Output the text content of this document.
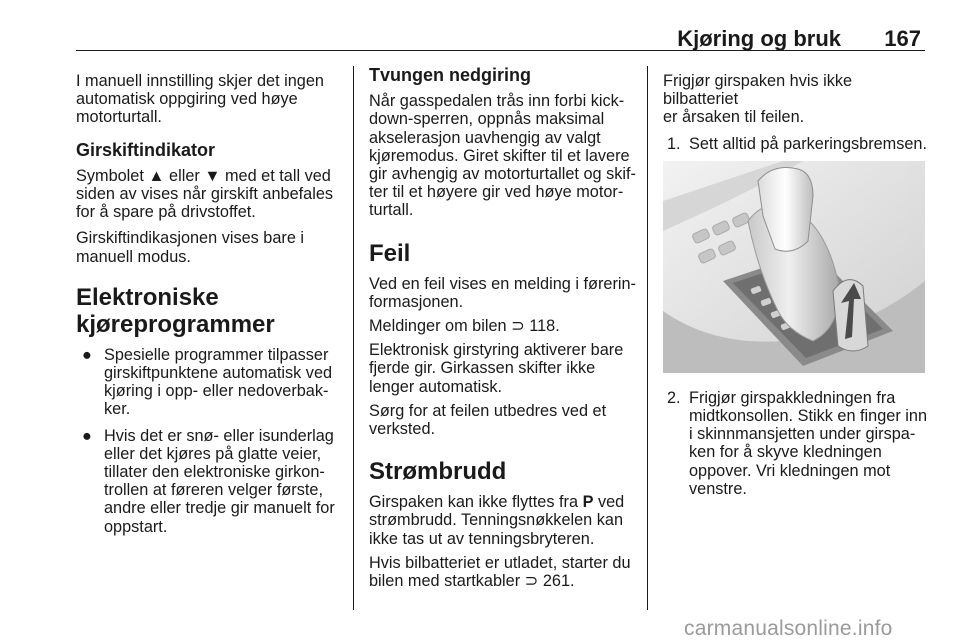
Kjøring og bruk 167

I manuell innstilling skjer det ingen
automatisk oppgiring ved høye
motorturtall.

Girskiftindikator

Symbolet ▲ eller ▼ med et tall ved
siden av vises når girskift anbefales
for å spare på drivstoffet.

Girskiftindikasjonen vises bare i
manuell modus.

Elektroniske
kjøreprogrammer
● Spesielle programmer tilpasser
girskiftpunktene automatisk ved
kjøring i opp- eller nedoverbak-
ker.
● Hvis det er snø- eller isunderlag
eller det kjøres på glatte veier,
tillater den elektroniske girkon-
trollen at føreren velger første,
andre eller tredje gir manuelt for
oppstart.
Tvungen nedgiring

Når gasspedalen trås inn forbi kick-
down-sperren, oppnås maksimal
akselerasjon uavhengig av valgt
kjøremodus. Giret skifter til et lavere
gir avhengig av motorturtallet og skif-
ter til et høyere gir ved høye motor-
turtall.

Feil

Ved en feil vises en melding i førerin-
formasjonen.

Meldinger om bilen ⊃ 118.

Elektronisk girstyring aktiverer bare
fjerde gir. Girkassen skifter ikke
lenger automatisk.

Sørg for at feilen utbedres ved et
verksted.

Strømbrudd

Girspaken kan ikke flyttes fra P ved
strømbrudd. Tenningsnøkkelen kan
ikke tas ut av tenningsbryteren.

Hvis bilbatteriet er utladet, starter du
bilen med startkabler ⊃ 261.

Frigjør girspaken hvis ikke bilbatteriet
er årsaken til feilen.

1. Sett alltid på parkeringsbremsen.
2. Frigjør girspakkledningen fra
midtkonsollen. Stikk en finger inn
i skinnmansjetten under girspa-
ken for å skyve kledningen
oppover. Vri kledningen mot
venstre.
carmanualsonline.info
